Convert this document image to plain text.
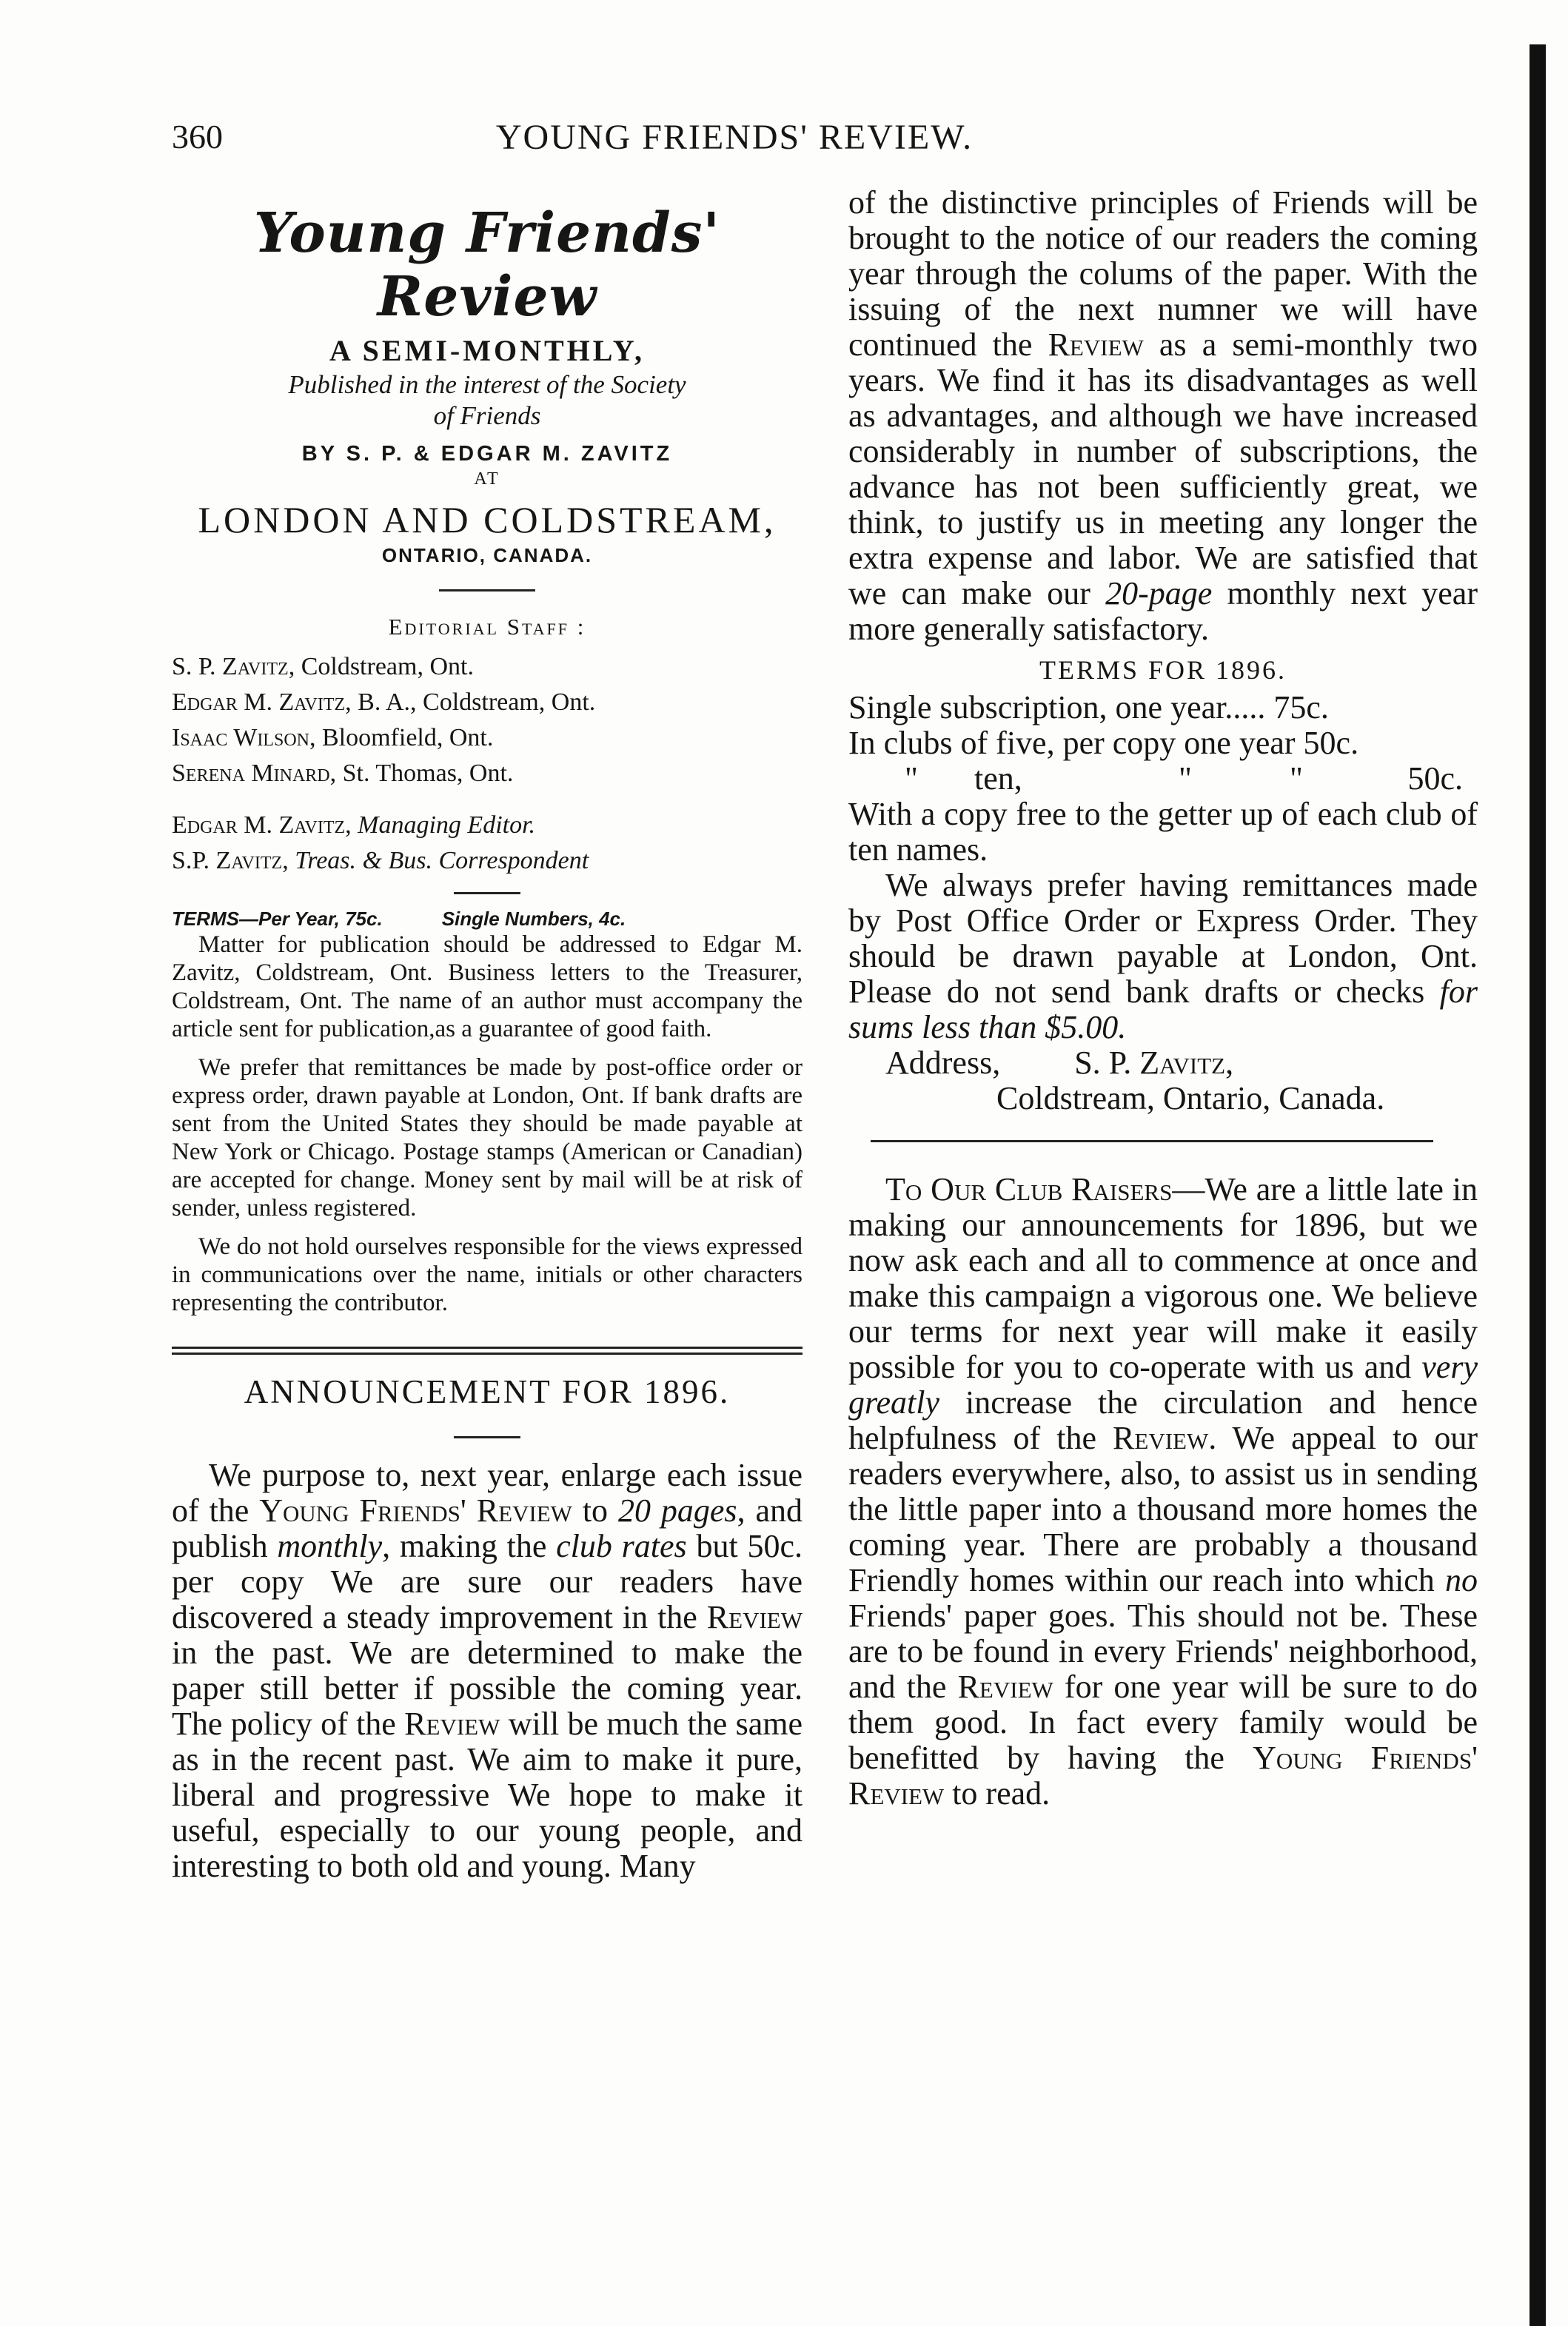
360	YOUNG FRIENDS' REVIEW.
Young Friends' Review
A SEMI-MONTHLY,
Published in the interest of the Society
of Friends
BY S. P. & EDGAR M. ZAVITZ
AT
LONDON AND COLDSTREAM,
ONTARIO, CANADA.
Editorial Staff :
S. P. Zavitz, Coldstream, Ont.
Edgar M. Zavitz, B. A., Coldstream, Ont.
Isaac Wilson, Bloomfield, Ont.
Serena Minard, St. Thomas, Ont.
Edgar M. Zavitz, Managing Editor.
S.P. Zavitz, Treas. & Bus. Correspondent
TERMS—Per Year, 75c.	Single Numbers, 4c.

Matter for publication should be addressed to Edgar M. Zavitz, Coldstream, Ont. Business letters to the Treasurer, Coldstream, Ont. The name of an author must accompany the article sent for publication,as a guarantee of good faith.

We prefer that remittances be made by post-office order or express order, drawn payable at London, Ont. If bank drafts are sent from the United States they should be made payable at New York or Chicago. Postage stamps (American or Canadian) are accepted for change. Money sent by mail will be at risk of sender, unless registered.

We do not hold ourselves responsible for the views expressed in communications over the name, initials or other characters representing the contributor.

ANNOUNCEMENT FOR 1896.

We purpose to, next year, enlarge each issue of the Young Friends' Review to 20 pages, and publish monthly, making the club rates but 50c. per copy We are sure our readers have discovered a steady improvement in the Review in the past. We are determined to make the paper still better if possible the coming year. The policy of the Review will be much the same as in the recent past. We aim to make it pure, liberal and progressive We hope to make it useful, especially to our young people, and interesting to both old and young. Many

of the distinctive principles of Friends will be brought to the notice of our readers the coming year through the colums of the paper. With the issuing of the next numner we will have continued the Review as a semi-monthly two years. We find it has its disadvantages as well as advantages, and although we have increased considerably in number of subscriptions, the advance has not been sufficiently great, we think, to justify us in meeting any longer the extra expense and labor. We are satisfied that we can make our 20-page monthly next year more generally satisfactory.

TERMS FOR 1896.
Single subscription, one year..... 75c.
In clubs of five, per copy one year 50c.
"	ten,	"	"	50c.

With a copy free to the getter up of each club of ten names.

We always prefer having remittances made by Post Office Order or Express Order. They should be drawn payable at London, Ont. Please do not send bank drafts or checks for sums less than $5.00.

Address, S. P. Zavitz,
Coldstream, Ontario, Canada.

To Our Club Raisers—We are a little late in making our announcements for 1896, but we now ask each and all to commence at once and make this campaign a vigorous one. We believe our terms for next year will make it easily possible for you to co-operate with us and very greatly increase the circulation and hence helpfulness of the Review. We appeal to our readers everywhere, also, to assist us in sending the little paper into a thousand more homes the coming year. There are probably a thousand Friendly homes within our reach into which no Friends' paper goes. This should not be. These are to be found in every Friends' neighborhood, and the Review for one year will be sure to do them good. In fact every family would be benefitted by having the Young Friends' Review to read.
